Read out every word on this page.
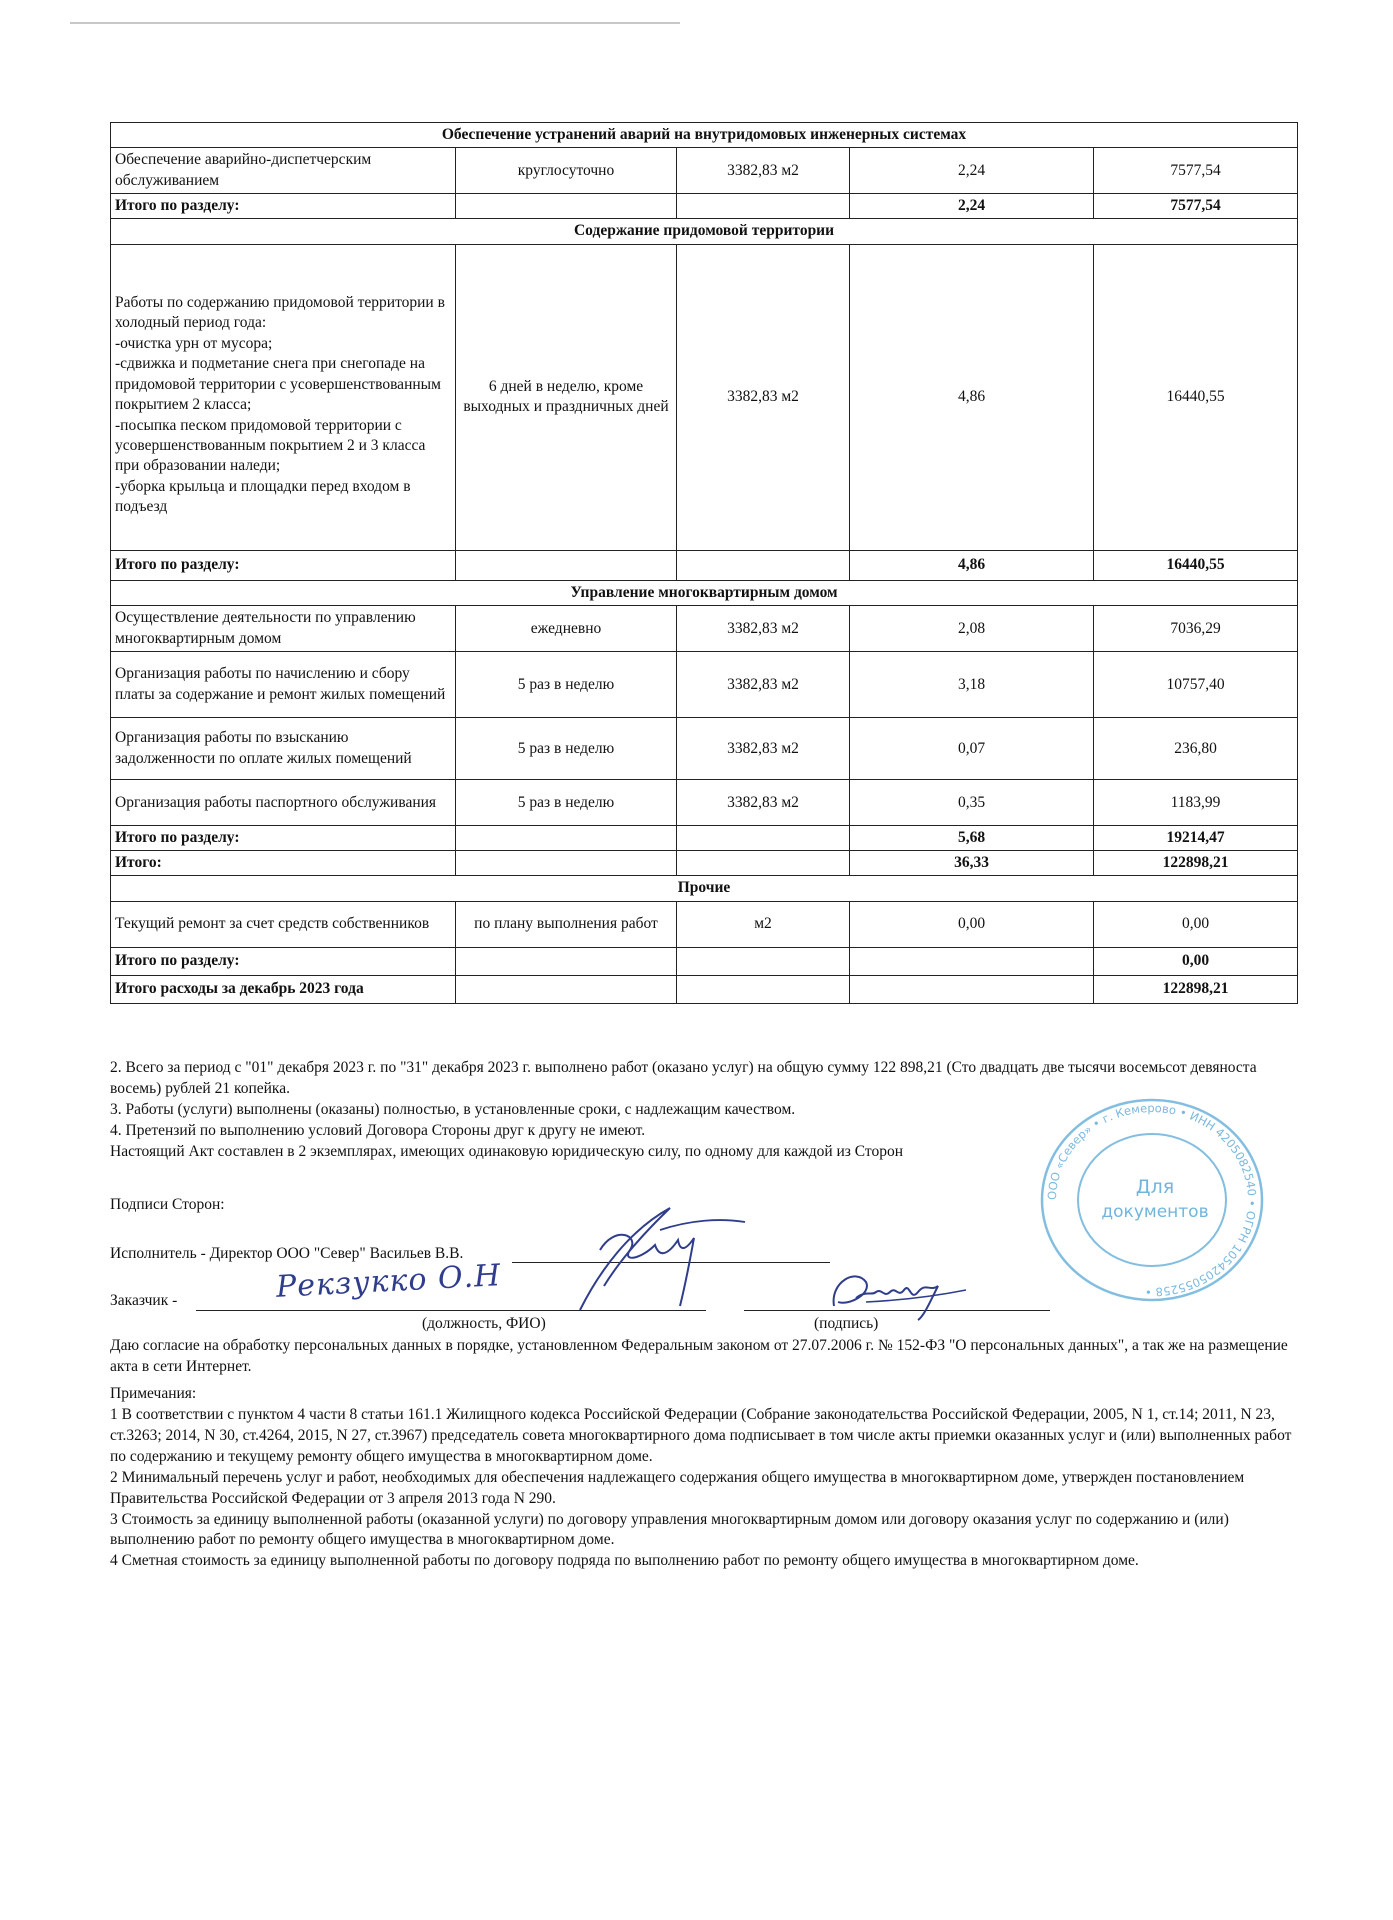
Обеспечение устранений аварий на внутридомовых инженерных системах				
Обеспечение аварийно-диспетчерским обслуживанием	круглосуточно	3382,83 м2	2,24	7577,54
Итого по разделу:			2,24	7577,54
Содержание придомовой территории				

Работы по содержанию придомовой территории в холодный период года:
-очистка урн от мусора;
-сдвижка и подметание снега при снегопаде на придомовой территории с усовершенствованным покрытием 2 класса;
-посыпка песком придомовой территории с усовершенствованным покрытием 2 и 3 класса при образовании наледи;
-уборка крыльца и площадки перед входом в подъезд	6 дней в неделю, кроме выходных и праздничных дней	3382,83 м2	4,86	16440,55
Итого по разделу:			4,86	16440,55
Управление многоквартирным домом				
Осуществление деятельности по управлению многоквартирным домом	ежедневно	3382,83 м2	2,08	7036,29
Организация работы по начислению и сбору платы за содержание и ремонт жилых помещений	5 раз в неделю	3382,83 м2	3,18	10757,40
Организация работы по взысканию задолженности по оплате жилых помещений	5 раз в неделю	3382,83 м2	0,07	236,80
Организация работы паспортного обслуживания	5 раз в неделю	3382,83 м2	0,35	1183,99
Итого по разделу:			5,68	19214,47
Итого:			36,33	122898,21
Прочие				
Текущий ремонт за счет средств собственников	по плану выполнения работ	м2	0,00	0,00
Итого по разделу:				0,00
Итого расходы за декабрь 2023 года				122898,21

2. Всего за период с "01" декабря 2023 г. по "31" декабря 2023 г. выполнено работ (оказано услуг) на общую сумму 122 898,21 (Сто двадцать две тысячи восемьсот девяноста восемь) рублей 21 копейка.

3. Работы (услуги) выполнены (оказаны) полностью, в установленные сроки, с надлежащим качеством.

4. Претензий по выполнению условий Договора Стороны друг к другу не имеют.

Настоящий Акт составлен в 2 экземплярах, имеющих одинаковую юридическую силу, по одному для каждой из Сторон

Подписи Сторон:
Исполнитель - Директор ООО "Север" Васильев В.В.
Заказчик -
(должность, ФИО)	(подпись)
Рекзукко О.Н
ООО «Север» • г. Кемерово • ИНН 4205082540 • ОГРН 1054205055258 •
Для
документов
Даю согласие на обработку персональных данных в порядке, установленном Федеральным законом от 27.07.2006 г. № 152-ФЗ "О персональных данных", а так же на размещение акта в сети Интернет.

Примечания:

1 В соответствии с пунктом 4 части 8 статьи 161.1 Жилищного кодекса Российской Федерации (Собрание законодательства Российской Федерации, 2005, N 1, ст.14; 2011, N 23, ст.3263; 2014, N 30, ст.4264, 2015, N 27, ст.3967) председатель совета многоквартирного дома подписывает в том числе акты приемки оказанных услуг и (или) выполненных работ по содержанию и текущему ремонту общего имущества в многоквартирном доме.

2 Минимальный перечень услуг и работ, необходимых для обеспечения надлежащего содержания общего имущества в многоквартирном доме, утвержден постановлением Правительства Российской Федерации от 3 апреля 2013 года N 290.

3 Стоимость за единицу выполненной работы (оказанной услуги) по договору управления многоквартирным домом или договору оказания услуг по содержанию и (или) выполнению работ по ремонту общего имущества в многоквартирном доме.

4 Сметная стоимость за единицу выполненной работы по договору подряда по выполнению работ по ремонту общего имущества в многоквартирном доме.
